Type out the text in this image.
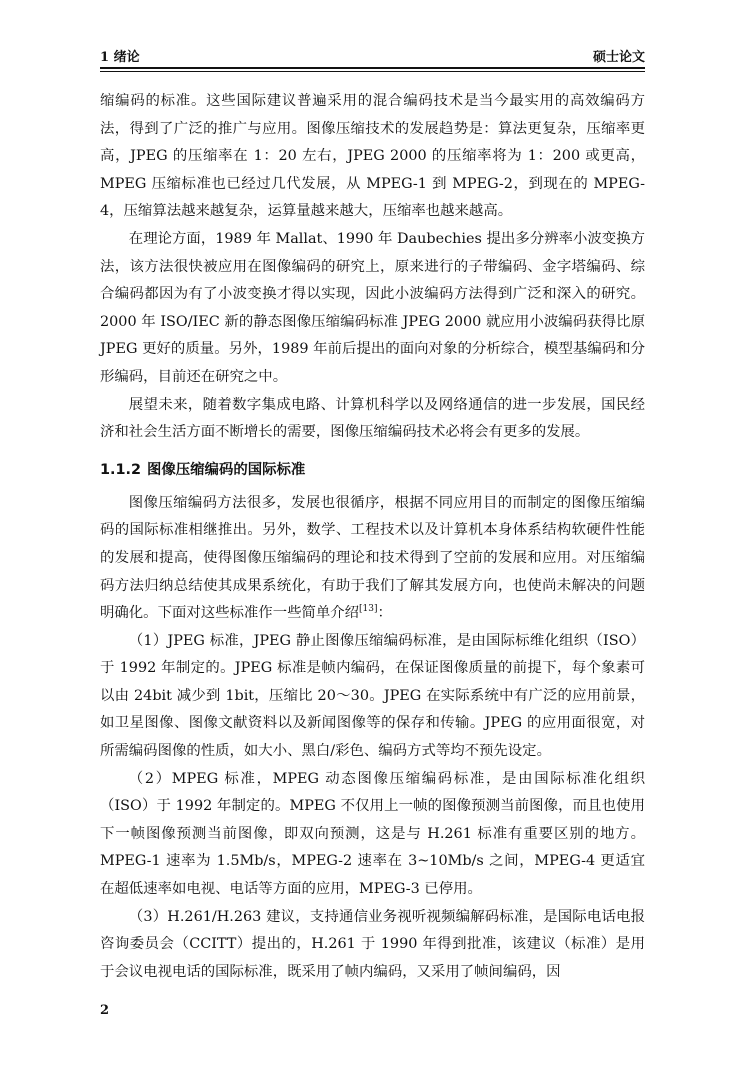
1 绪论	硕士论文

缩编码的标准。这些国际建议普遍采用的混合编码技术是当今最实用的高效编码方法，得到了广泛的推广与应用。图像压缩技术的发展趋势是：算法更复杂，压缩率更高，JPEG 的压缩率在 1：20 左右，JPEG 2000 的压缩率将为 1：200 或更高，MPEG 压缩标准也已经过几代发展，从 MPEG-1 到 MPEG-2，到现在的 MPEG-4，压缩算法越来越复杂，运算量越来越大，压缩率也越来越高。

在理论方面，1989 年 Mallat、1990 年 Daubechies 提出多分辨率小波变换方法，该方法很快被应用在图像编码的研究上，原来进行的子带编码、金字塔编码、综合编码都因为有了小波变换才得以实现，因此小波编码方法得到广泛和深入的研究。2000 年 ISO/IEC 新的静态图像压缩编码标准 JPEG 2000 就应用小波编码获得比原 JPEG 更好的质量。另外，1989 年前后提出的面向对象的分析综合，模型基编码和分形编码，目前还在研究之中。

展望未来，随着数字集成电路、计算机科学以及网络通信的进一步发展，国民经济和社会生活方面不断增长的需要，图像压缩编码技术必将会有更多的发展。

1.1.2 图像压缩编码的国际标准

图像压缩编码方法很多，发展也很循序，根据不同应用目的而制定的图像压缩编码的国际标准相继推出。另外，数学、工程技术以及计算机本身体系结构软硬件性能的发展和提高，使得图像压缩编码的理论和技术得到了空前的发展和应用。对压缩编码方法归纳总结使其成果系统化，有助于我们了解其发展方向，也使尚未解决的问题明确化。下面对这些标准作一些简单介绍[13]：

（1）JPEG 标准，JPEG 静止图像压缩编码标准，是由国际标维化组织（ISO）于 1992 年制定的。JPEG 标准是帧内编码，在保证图像质量的前提下，每个象素可以由 24bit 减少到 1bit，压缩比 20～30。JPEG 在实际系统中有广泛的应用前景，如卫星图像、图像文献资料以及新闻图像等的保存和传输。JPEG 的应用面很宽，对所需编码图像的性质，如大小、黑白/彩色、编码方式等均不预先设定。

（2）MPEG 标准，MPEG 动态图像压缩编码标准，是由国际标准化组织（ISO）于 1992 年制定的。MPEG 不仅用上一帧的图像预测当前图像，而且也使用下一帧图像预测当前图像，即双向预测，这是与 H.261 标准有重要区别的地方。MPEG-1 速率为 1.5Mb/s，MPEG-2 速率在 3~10Mb/s 之间，MPEG-4 更适宜在超低速率如电视、电话等方面的应用，MPEG-3 已停用。

（3）H.261/H.263 建议，支持通信业务视听视频编解码标准，是国际电话电报咨询委员会（CCITT）提出的，H.261 于 1990 年得到批准，该建议（标准）是用于会议电视电话的国际标准，既采用了帧内编码，又采用了帧间编码，因

2
